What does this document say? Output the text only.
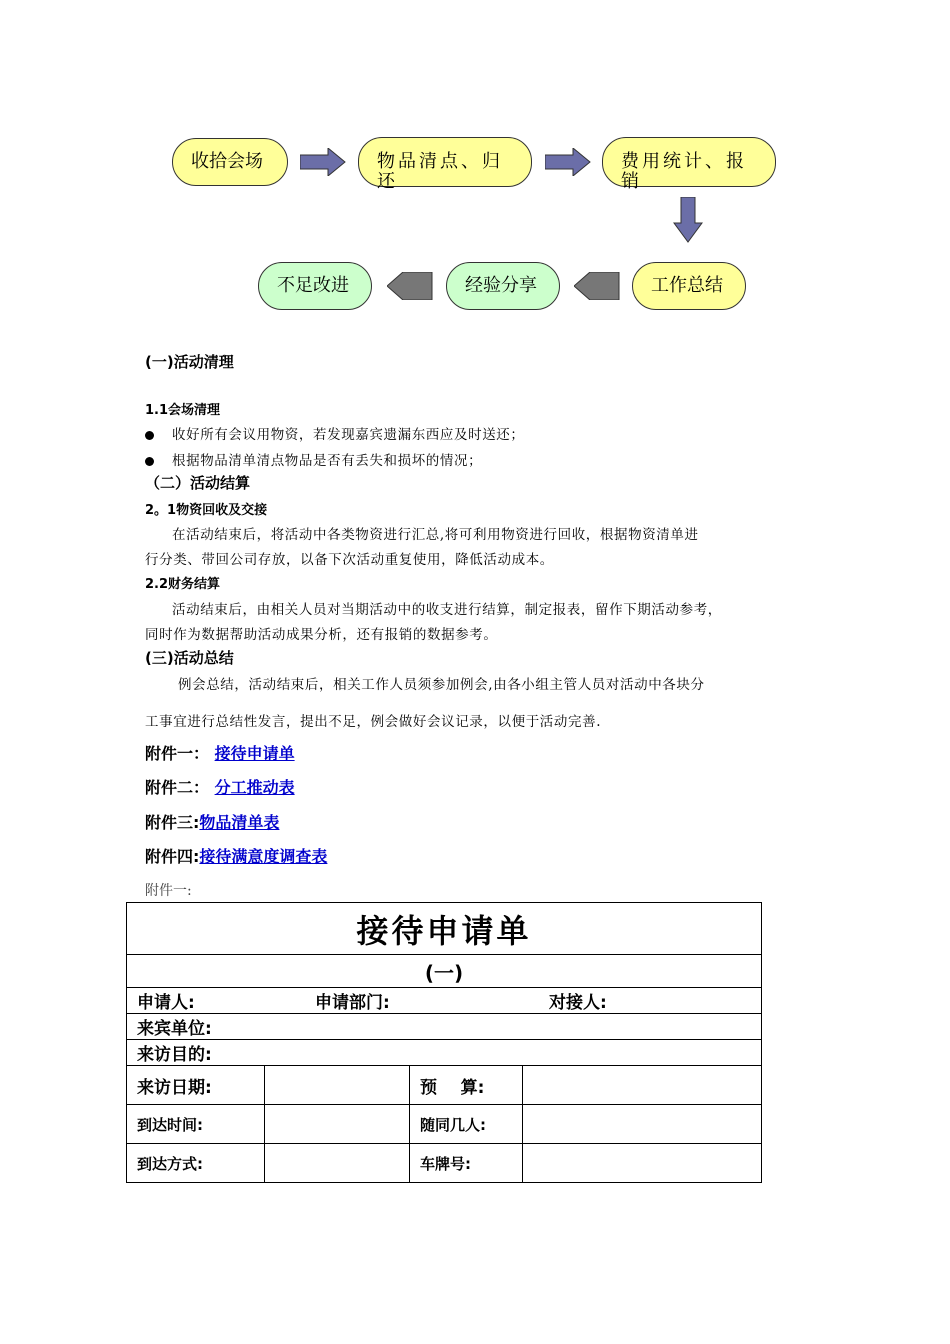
收拾会场	物品清点、归还
费用统计、报销
工作总结
经验分享
不足改进
(一)活动清理
1.1会场清理
收好所有会议用物资，若发现嘉宾遗漏东西应及时送还；
根据物品清单清点物品是否有丢失和损坏的情况；
（二）活动结算
2。1物资回收及交接
在活动结束后，将活动中各类物资进行汇总,将可利用物资进行回收，根据物资清单进
行分类、带回公司存放，以备下次活动重复使用，降低活动成本。
2.2财务结算
活动结束后，由相关人员对当期活动中的收支进行结算，制定报表，留作下期活动参考，
同时作为数据帮助活动成果分析，还有报销的数据参考。
(三)活动总结
例会总结，活动结束后，相关工作人员须参加例会,由各小组主管人员对活动中各块分
工事宜进行总结性发言，提出不足，例会做好会议记录，以便于活动完善.
附件一： 接待申请单
附件二： 分工推动表
附件三:物品清单表
附件四:接待满意度调查表
附件一:
接待申请单			
(一)			
申请人: 申请部门: 对接人:			
来宾单位:			
来访目的:			
来访日期:		预    算:	
到达时间:		随同几人:	
到达方式:		车牌号:	
